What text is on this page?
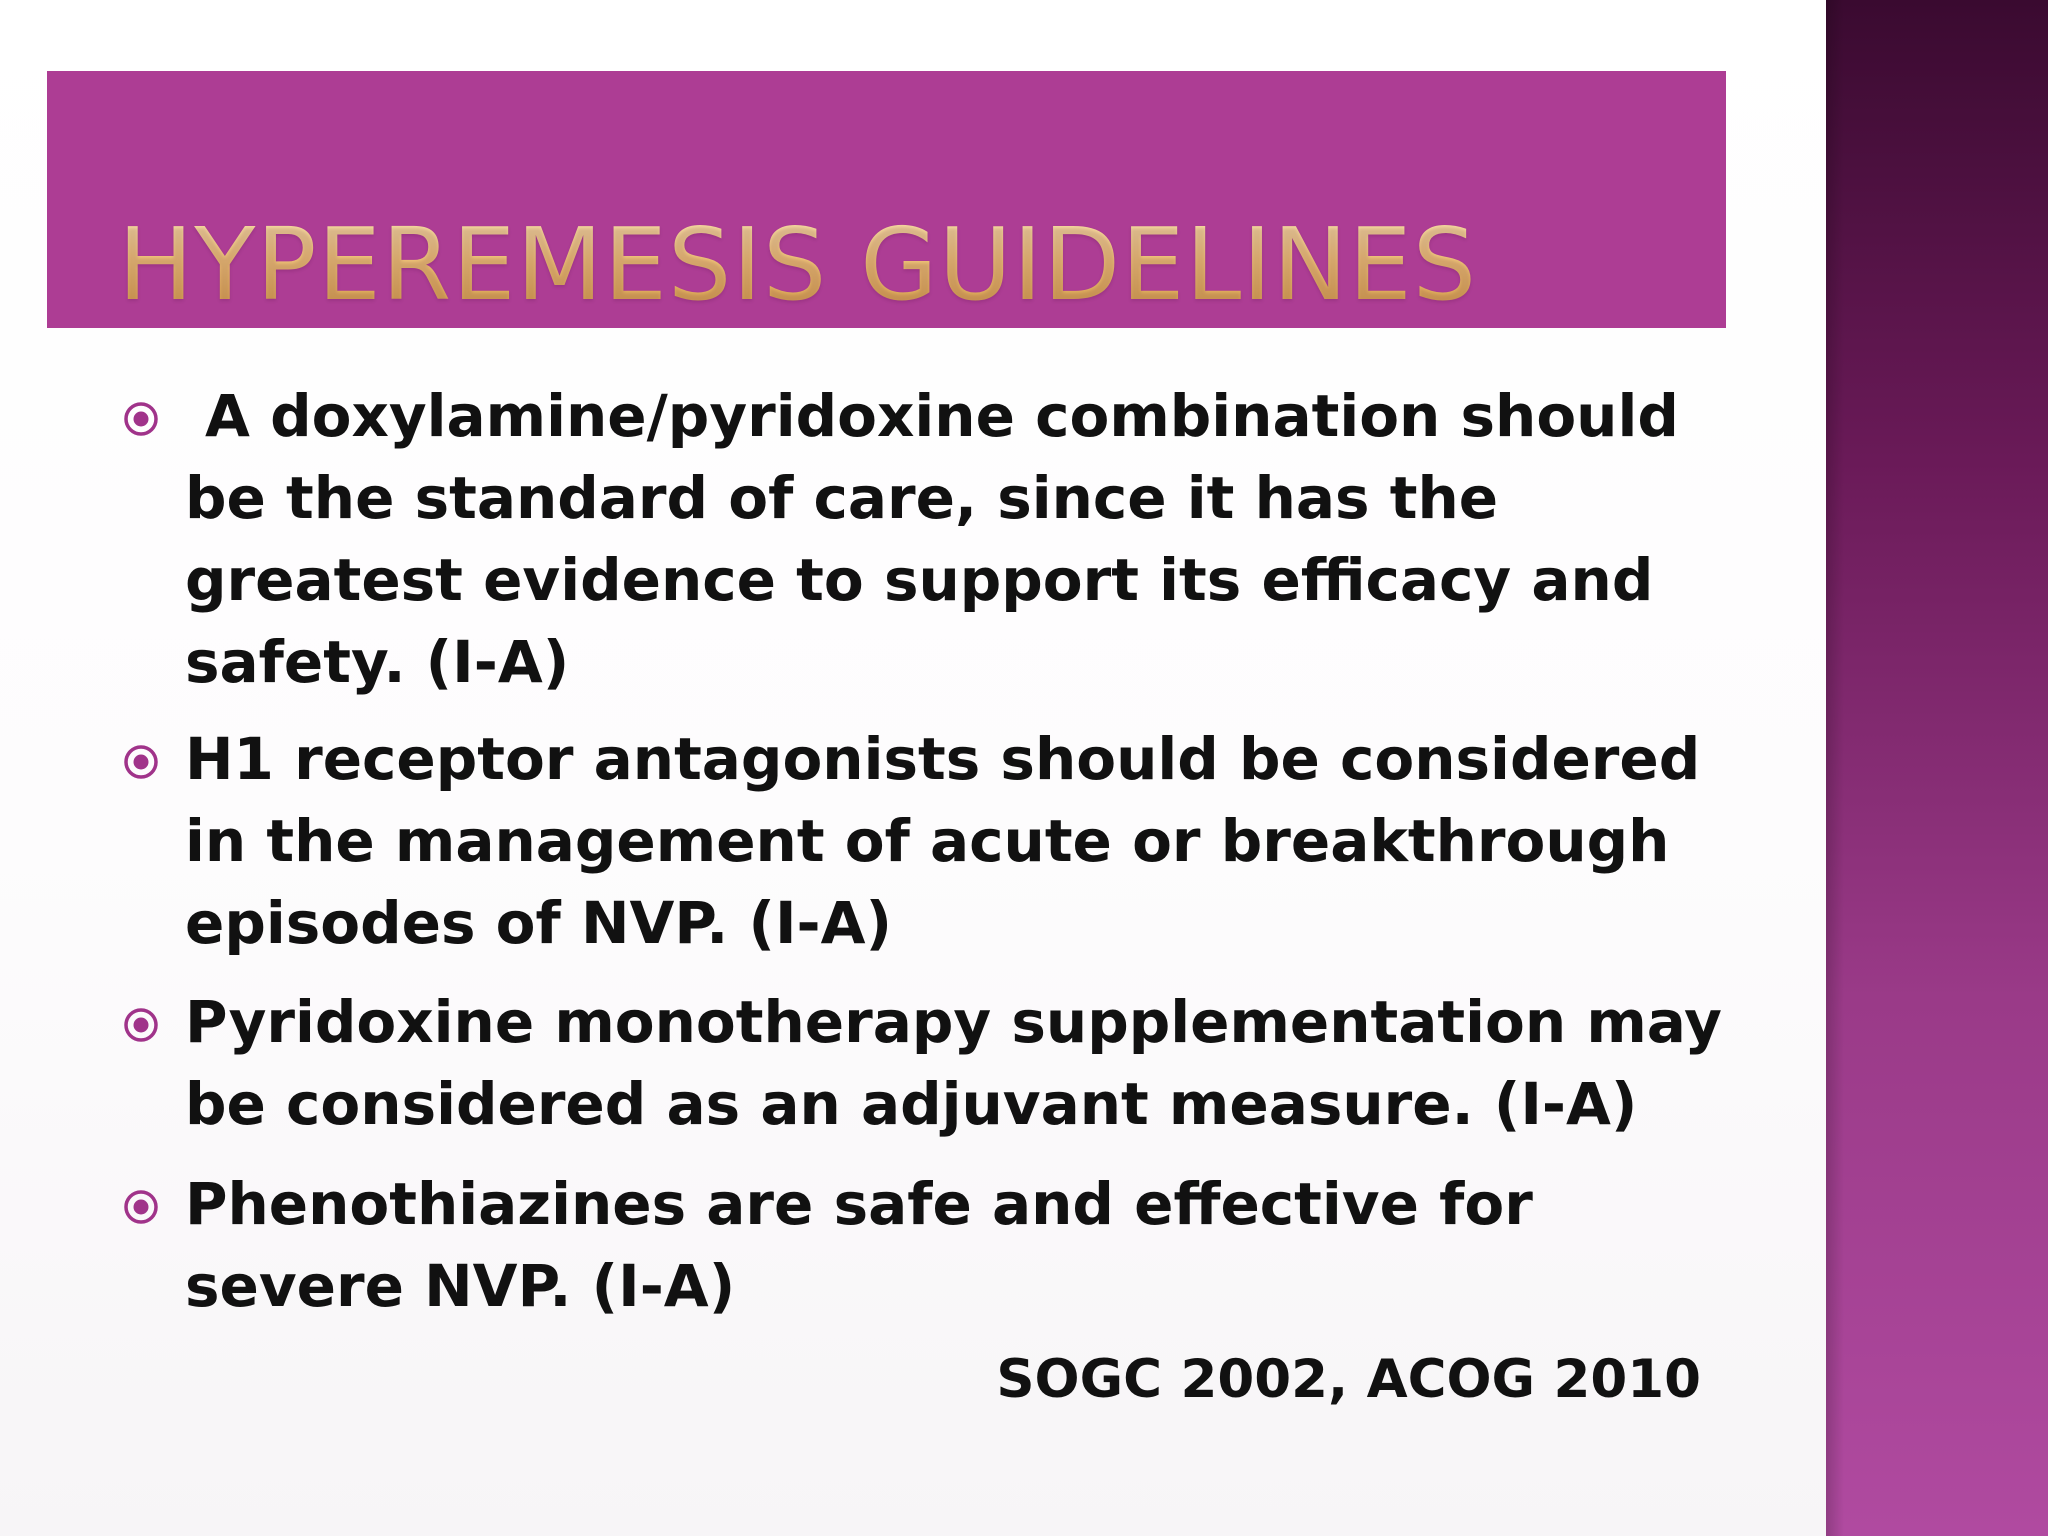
HYPEREMESIS GUIDELINES

A doxylamine/pyridoxine combination should be the standard of care, since it has the greatest evidence to support its efficacy and safety. (I-A)

H1 receptor antagonists should be considered in the management of acute or breakthrough episodes of NVP. (I-A)

Pyridoxine monotherapy supplementation may be considered as an adjuvant measure. (I-A)

Phenothiazines are safe and effective for severe NVP. (I-A)

SOGC 2002, ACOG 2010
